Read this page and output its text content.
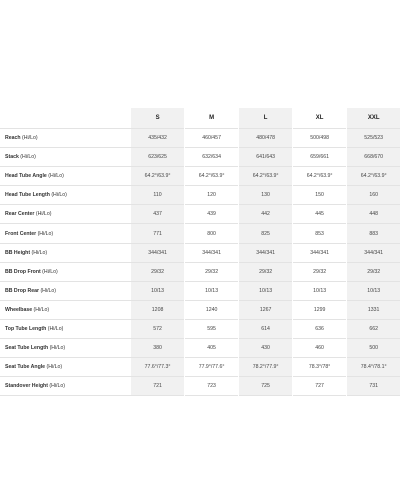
	S		M		L		XL		XXL
Reach (Hi/Lo)	435/432		460/457		480/478		500/498		525/523
Stack (Hi/Lo)	623/625		632/634		641/643		659/661		668/670
Head Tube Angle (Hi/Lo)	64.2°/63.9°		64.2°/63.9°		64.2°/63.9°		64.2°/63.9°		64.2°/63.9°
Head Tube Length (Hi/Lo)	110		120		130		150		160
Rear Center (Hi/Lo)	437		439		442		445		448
Front Center (Hi/Lo)	771		800		825		853		883
BB Height (Hi/Lo)	344/341		344/341		344/341		344/341		344/341
BB Drop Front (Hi/Lo)	29/32		29/32		29/32		29/32		29/32
BB Drop Rear (Hi/Lo)	10/13		10/13		10/13		10/13		10/13
Wheelbase (Hi/Lo)	1208		1240		1267		1299		1331
Top Tube Length (Hi/Lo)	572		595		614		636		662
Seat Tube Length (Hi/Lo)	380		405		430		460		500
Seat Tube Angle (Hi/Lo)	77.6°/77.3°		77.9°/77.6°		78.2°/77.9°		78.3°/78°		78.4°/78.1°
Standover Height (Hi/Lo)	721		723		725		727		731
